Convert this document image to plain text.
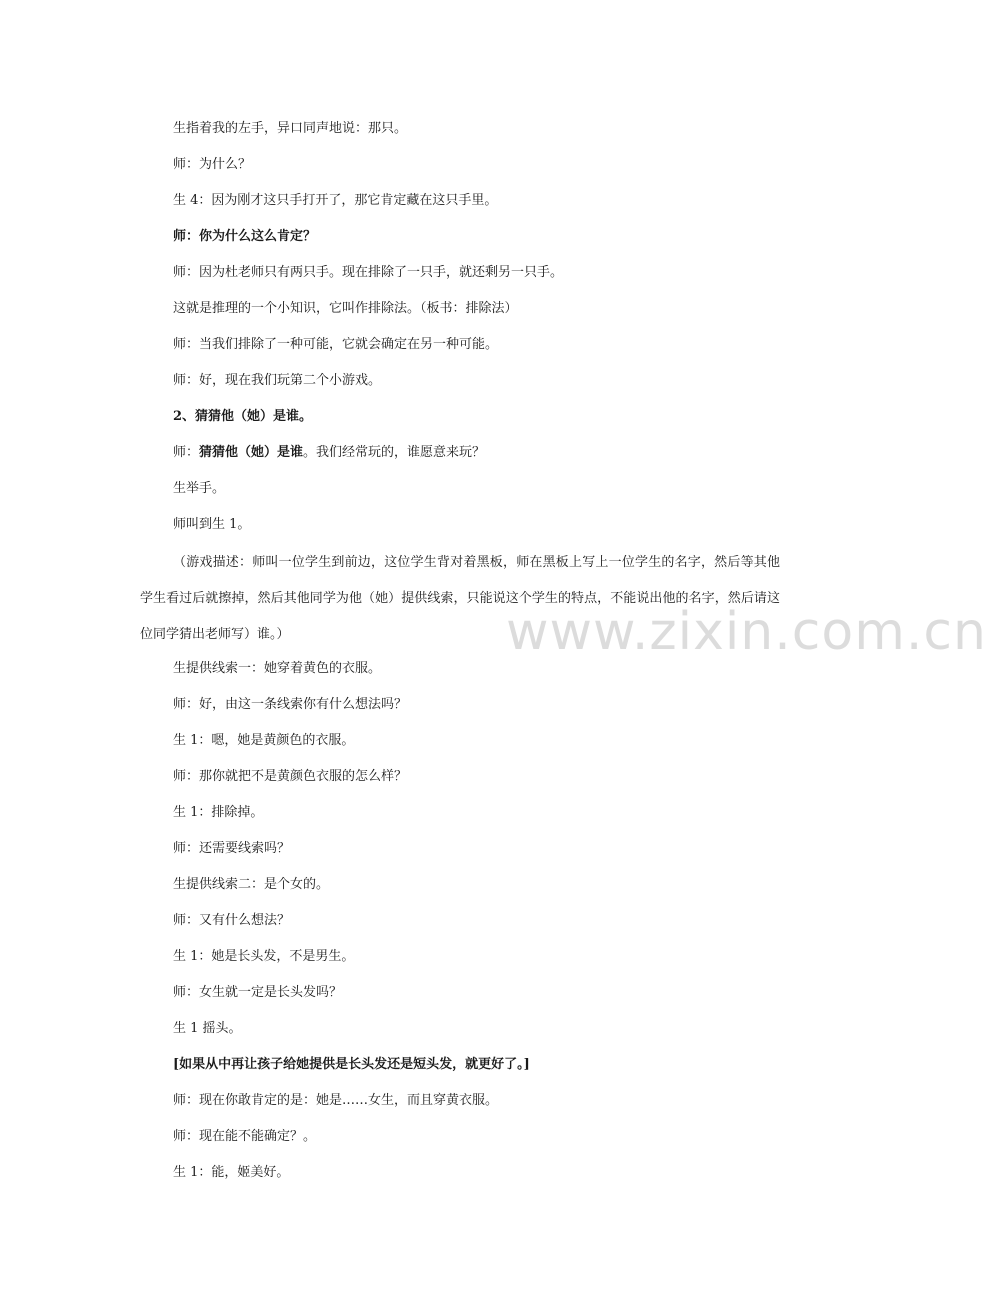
生指着我的左手，异口同声地说：那只。
师：为什么？
生 4：因为刚才这只手打开了，那它肯定藏在这只手里。
师：你为什么这么肯定？
师：因为杜老师只有两只手。现在排除了一只手，就还剩另一只手。
这就是推理的一个小知识，它叫作排除法。（板书：排除法）
师：当我们排除了一种可能，它就会确定在另一种可能。
师：好，现在我们玩第二个小游戏。
2、猜猜他（她）是谁。
师：猜猜他（她）是谁。我们经常玩的，谁愿意来玩？
生举手。
师叫到生 1。
（游戏描述：师叫一位学生到前边，这位学生背对着黑板，师在黑板上写上一位学生的名字，然后等其他学生看过后就擦掉，然后其他同学为他（她）提供线索，只能说这个学生的特点，不能说出他的名字，然后请这位同学猜出老师写）谁。）	www.zixin.com.cn
生提供线索一：她穿着黄色的衣服。
师：好，由这一条线索你有什么想法吗？
生 1：嗯，她是黄颜色的衣服。
师：那你就把不是黄颜色衣服的怎么样？
生 1：排除掉。
师：还需要线索吗？
生提供线索二：是个女的。
师：又有什么想法？
生 1：她是长头发，不是男生。
师：女生就一定是长头发吗？
生 1 摇头。
[如果从中再让孩子给她提供是长头发还是短头发，就更好了。]
师：现在你敢肯定的是：她是……女生，而且穿黄衣服。
师：现在能不能确定？。
生 1：能，姬美好。
